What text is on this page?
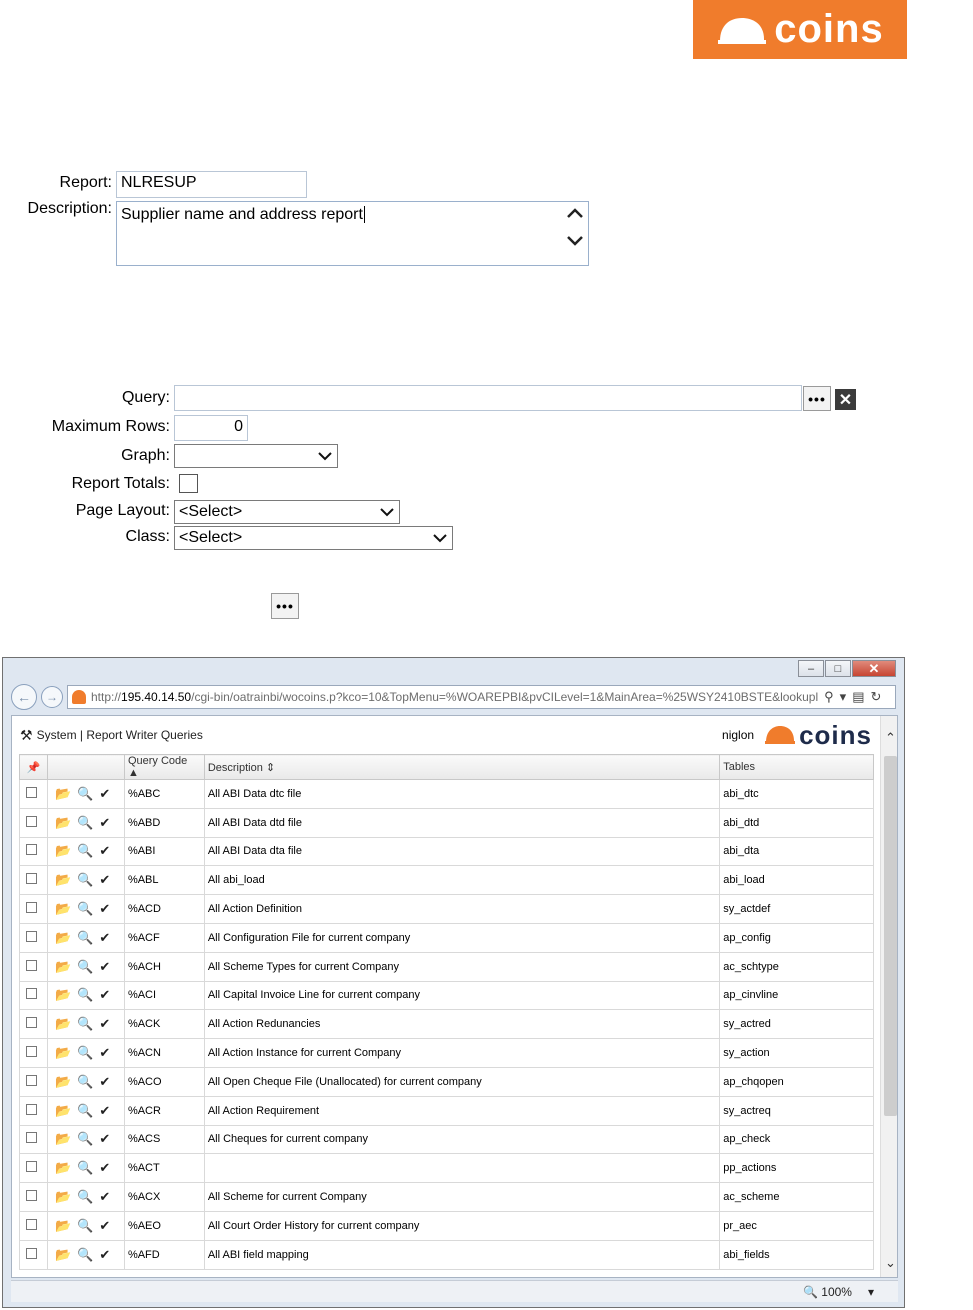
coins
Report: NLRESUP
Description: Supplier name and address report
Query:	••• ✕
Maximum Rows:	0
Graph:
Report Totals:
Page Layout: <Select>
Class: <Select>
•••
–	□	✕
←	→	http:// 195.40.14.50 /cgi-bin/oatrainbi/wocoins.p?kco=10&TopMenu=%WOAREPBI&pvCILevel=1&MainArea=%25WSY2410BSTE&lookupl ⚲ ▾ ▤ ↻
⚒ System | Report Writer Queries	niglon coins
📌		Query Code ▲	Description ⇕	Tables

	📂 🔍 ✔	%ABC	All ABI Data dtc file	abi_dtc

	📂 🔍 ✔	%ABD	All ABI Data dtd file	abi_dtd

	📂 🔍 ✔	%ABI	All ABI Data dta file	abi_dta

	📂 🔍 ✔	%ABL	All abi_load	abi_load

	📂 🔍 ✔	%ACD	All Action Definition	sy_actdef

	📂 🔍 ✔	%ACF	All Configuration File for current company	ap_config

	📂 🔍 ✔	%ACH	All Scheme Types for current Company	ac_schtype

	📂 🔍 ✔	%ACI	All Capital Invoice Line for current company	ap_cinvline

	📂 🔍 ✔	%ACK	All Action Redunancies	sy_actred

	📂 🔍 ✔	%ACN	All Action Instance for current Company	sy_action

	📂 🔍 ✔	%ACO	All Open Cheque File (Unallocated) for current company	ap_chqopen

	📂 🔍 ✔	%ACR	All Action Requirement	sy_actreq

	📂 🔍 ✔	%ACS	All Cheques for current company	ap_check

	📂 🔍 ✔	%ACT		pp_actions

	📂 🔍 ✔	%ACX	All Scheme for current Company	ac_scheme

	📂 🔍 ✔	%AEO	All Court Order History for current company	pr_aec

	📂 🔍 ✔	%AFD	All ABI field mapping	abi_fields
⌃
⌄
🔍 100% ▾
